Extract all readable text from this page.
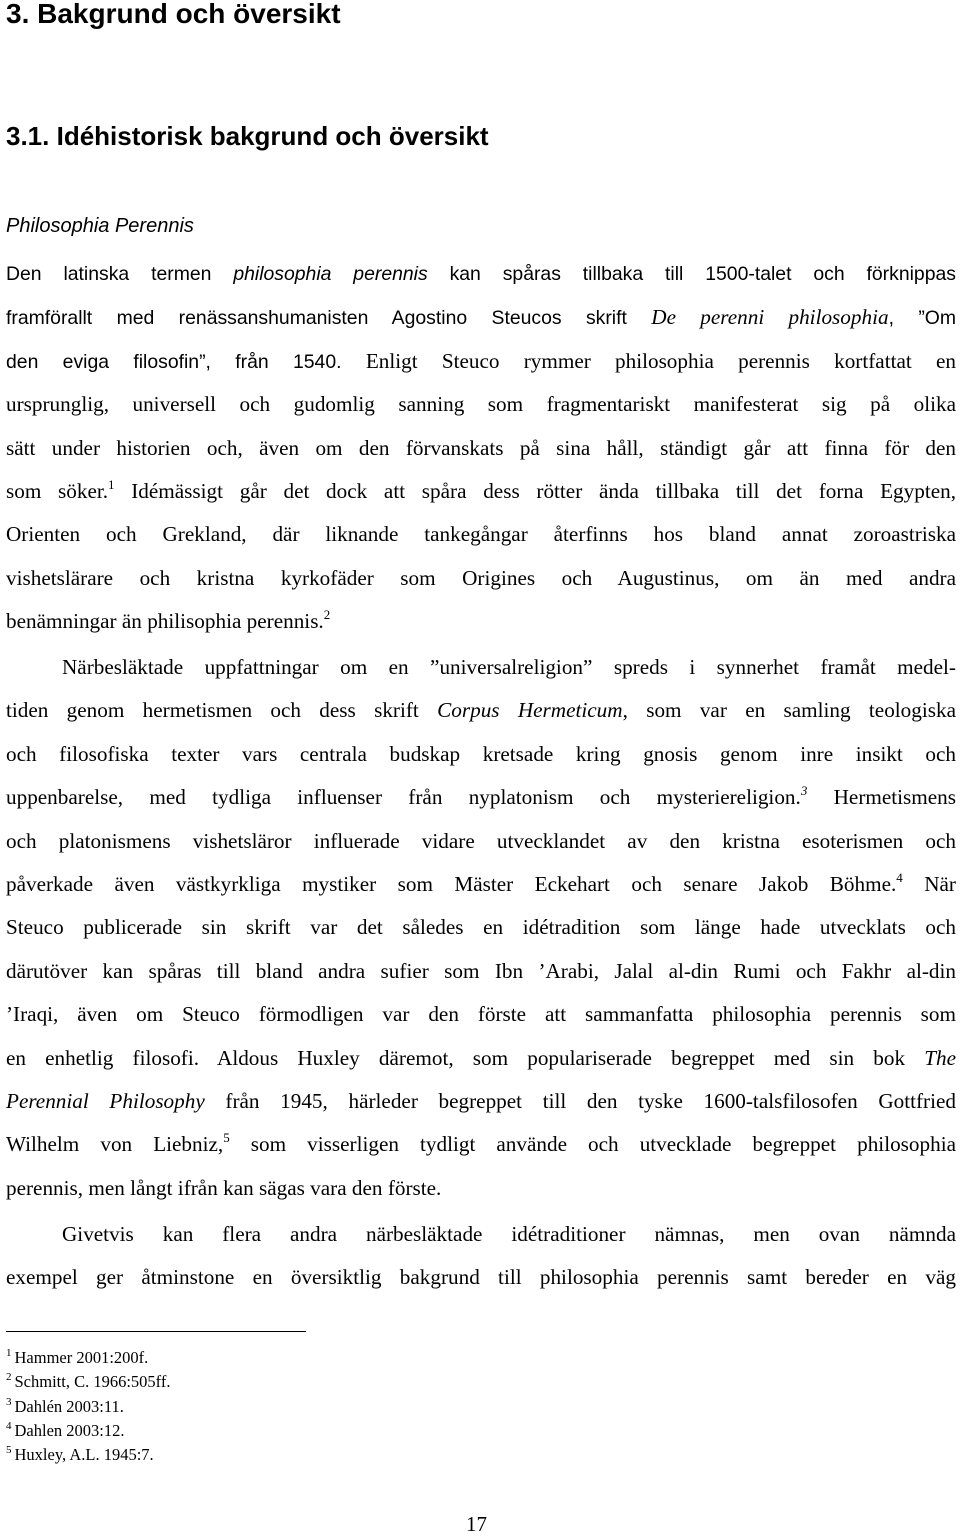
3. Bakgrund och översikt
3.1. Idéhistorisk bakgrund och översikt
Philosophia Perennis
Den latinska termen philosophia perennis kan spåras tillbaka till 1500-talet och förknippas
framförallt med renässanshumanisten Agostino Steucos skrift De perenni philosophia, ”Om
den eviga filosofin”, från 1540. Enligt Steuco rymmer philosophia perennis kortfattat en
ursprunglig, universell och gudomlig sanning som fragmentariskt manifesterat sig på olika
sätt under historien och, även om den förvanskats på sina håll, ständigt går att finna för den
som söker.$^1$ Idémässigt går det dock att spåra dess rötter ända tillbaka till det forna Egypten,
Orienten och Grekland, där liknande tankegångar återfinns hos bland annat zoroastriska
vishetslärare och kristna kyrkofäder som Origines och Augustinus, om än med andra
benämningar än philisophia perennis.$^2$
Närbesläktade uppfattningar om en ”universalreligion” spreds i synnerhet framåt medel-
tiden genom hermetismen och dess skrift Corpus Hermeticum, som var en samling teologiska
och filosofiska texter vars centrala budskap kretsade kring gnosis genom inre insikt och
uppenbarelse, med tydliga influenser från nyplatonism och mysteriereligion.$^3$ Hermetismens
och platonismens vishetsläror influerade vidare utvecklandet av den kristna esoterismen och
påverkade även västkyrkliga mystiker som Mäster Eckehart och senare Jakob Böhme.$^4$ När
Steuco publicerade sin skrift var det således en idétradition som länge hade utvecklats och
därutöver kan spåras till bland andra sufier som Ibn ’Arabi, Jalal al-din Rumi och Fakhr al-din
’Iraqi, även om Steuco förmodligen var den förste att sammanfatta philosophia perennis som
en enhetlig filosofi. Aldous Huxley däremot, som populariserade begreppet med sin bok The
Perennial Philosophy från 1945, härleder begreppet till den tyske 1600-talsfilosofen Gottfried
Wilhelm von Liebniz,$^5$ som visserligen tydligt använde och utvecklade begreppet philosophia
perennis, men långt ifrån kan sägas vara den förste.
Givetvis kan flera andra närbesläktade idétraditioner nämnas, men ovan nämnda
exempel ger åtminstone en översiktlig bakgrund till philosophia perennis samt bereder en väg
$^1$ Hammer 2001:200f.
$^2$ Schmitt, C. 1966:505ff.
$^3$ Dahlén 2003:11.
$^4$ Dahlen 2003:12.
$^5$ Huxley, A.L. 1945:7.
17
